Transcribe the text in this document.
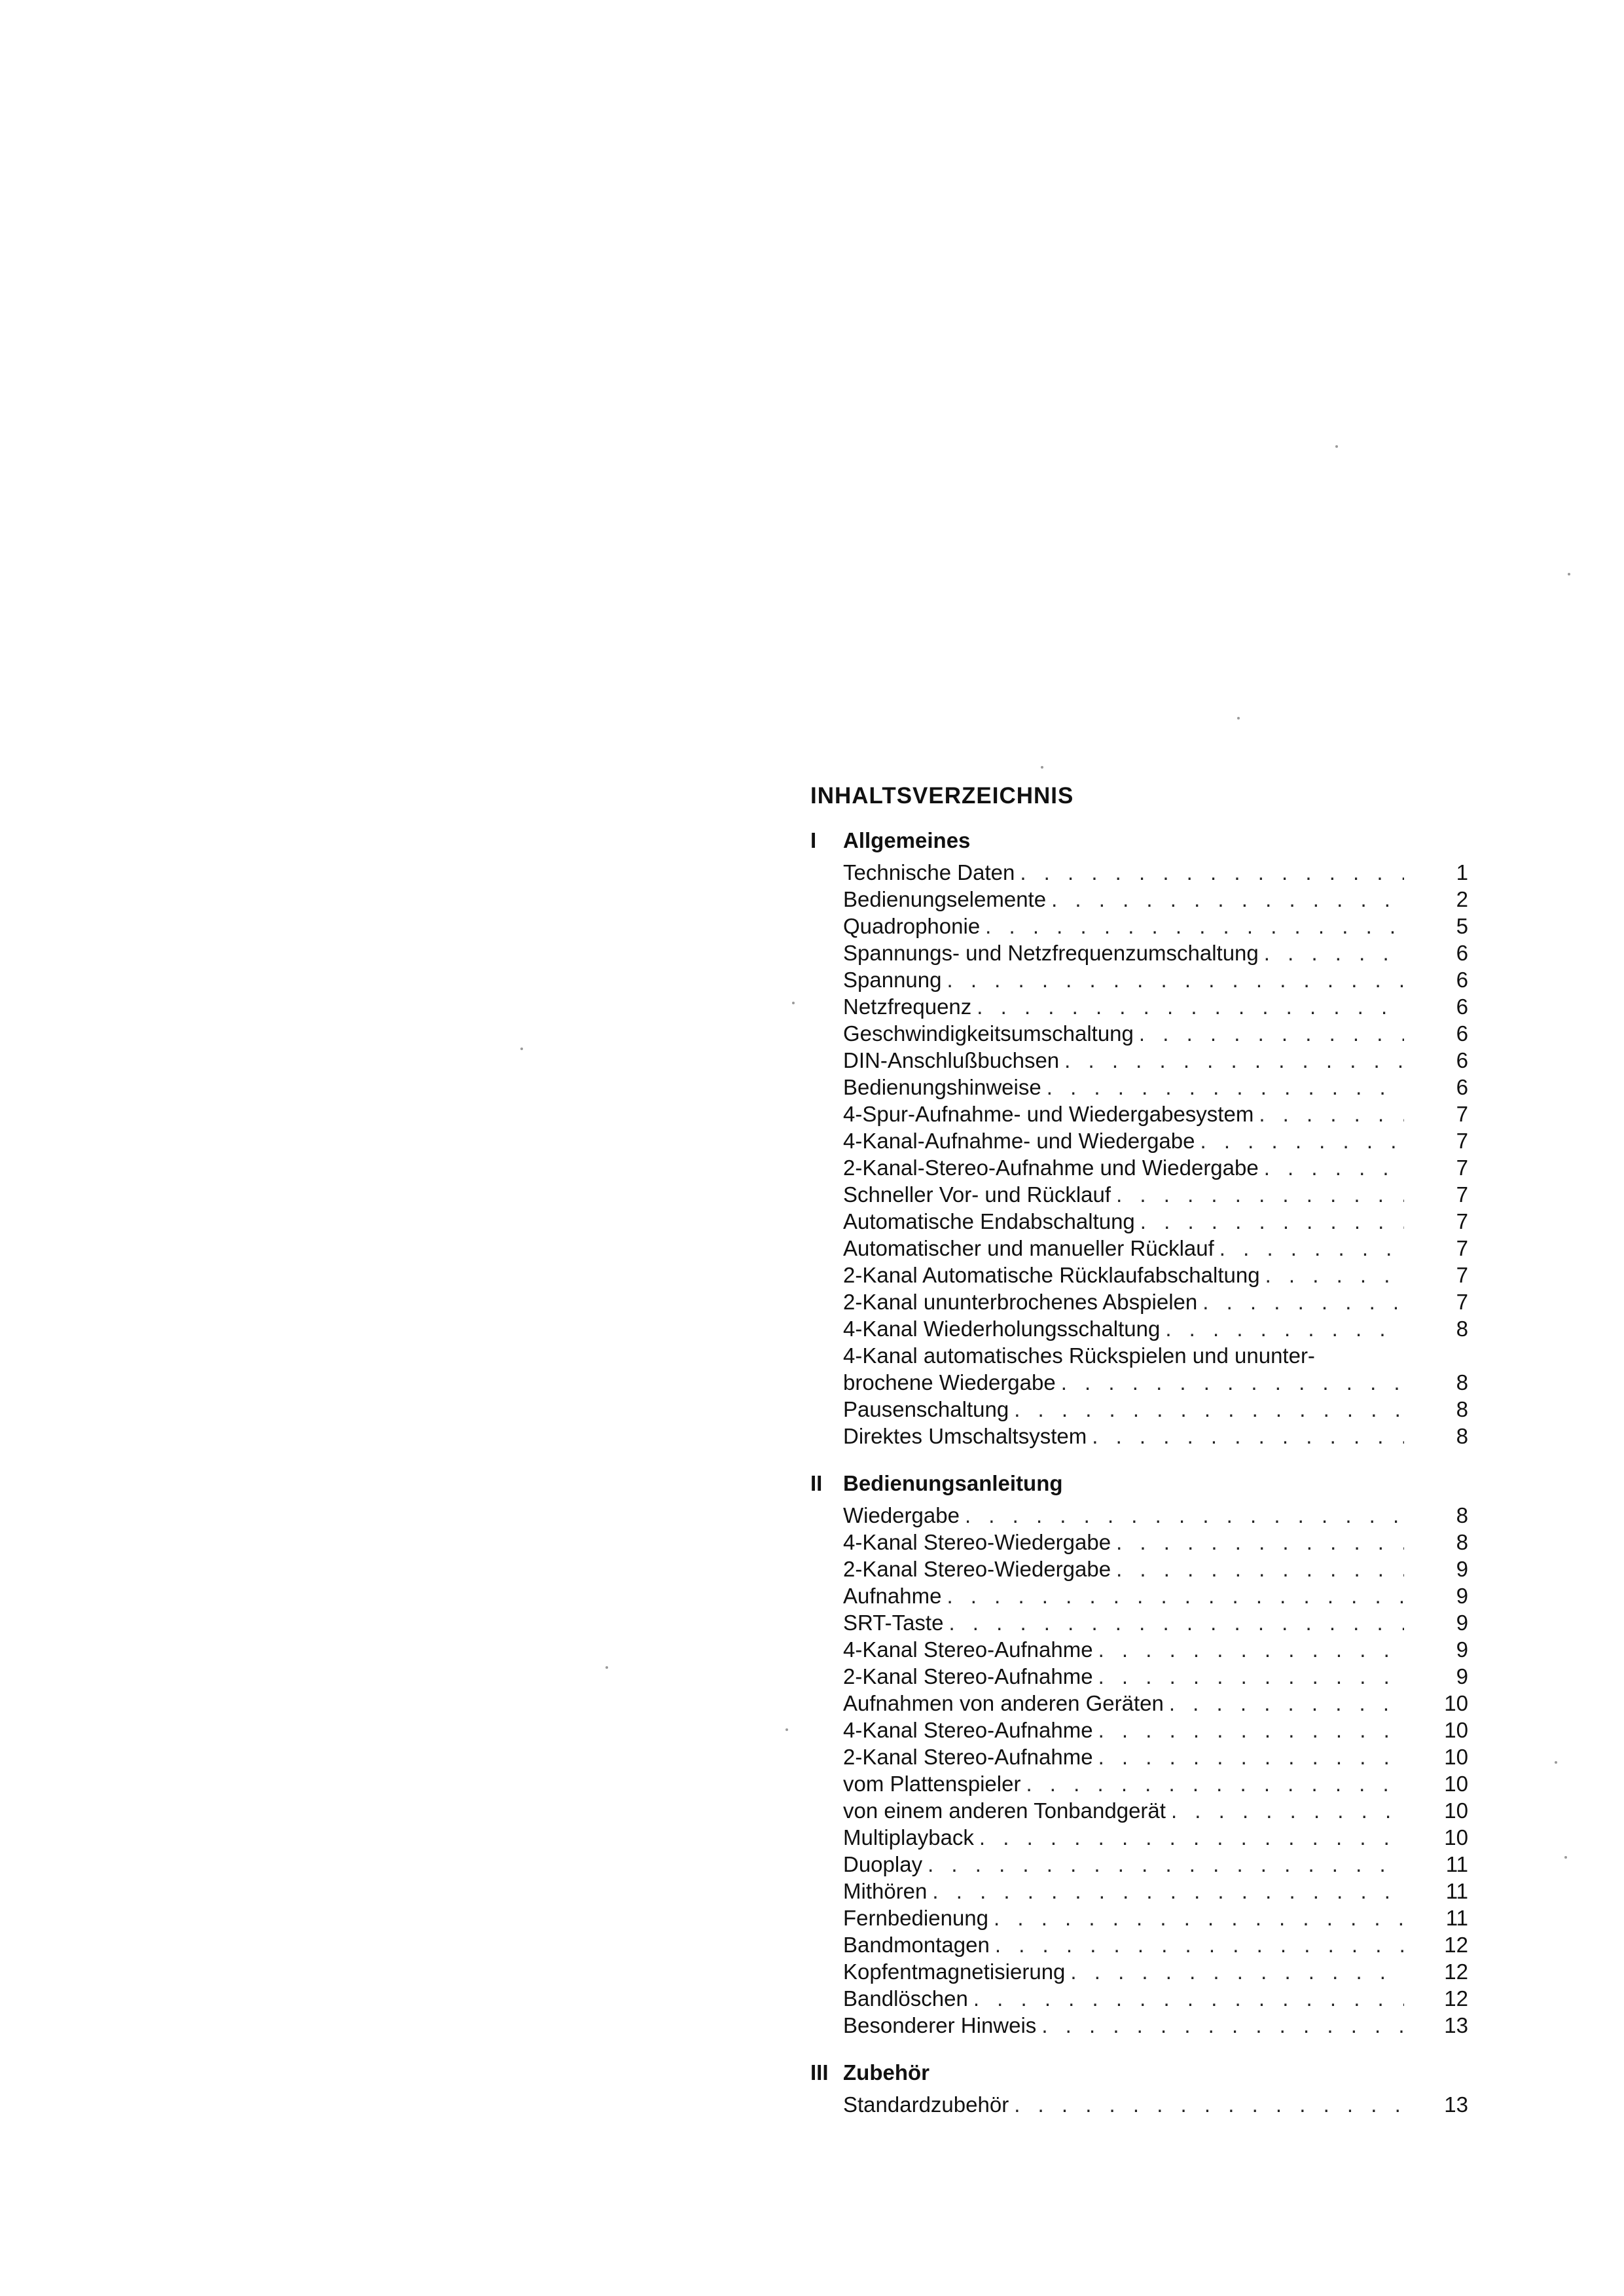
INHALTSVERZEICHNIS
I	Allgemeines
Technische Daten . . .	1
Bedienungselemente . . .	2
Quadrophonie . . .	5
Spannungs- und Netzfrequenzumschaltung . . .	6
Spannung . . .	6
Netzfrequenz . . .	6
Geschwindigkeitsumschaltung . . .	6
DIN-Anschlußbuchsen . . .	6
Bedienungshinweise . . .	6
4-Spur-Aufnahme- und Wiedergabesystem . . .	7
4-Kanal-Aufnahme- und Wiedergabe . . .	7
2-Kanal-Stereo-Aufnahme und Wiedergabe . . .	7
Schneller Vor- und Rücklauf . . .	7
Automatische Endabschaltung . . .	7
Automatischer und manueller Rücklauf . . .	7
2-Kanal Automatische Rücklaufabschaltung . . .	7
2-Kanal ununterbrochenes Abspielen . . .	7
4-Kanal Wiederholungsschaltung . . .	8
4-Kanal automatisches Rückspielen und ununter-
brochene Wiedergabe . . .	8
Pausenschaltung . . .	8
Direktes Umschaltsystem . . .	8
II Bedienungsanleitung
Wiedergabe . . .	8
4-Kanal Stereo-Wiedergabe . . .	8
2-Kanal Stereo-Wiedergabe . . .	9
Aufnahme . . .	9
SRT-Taste . . .	9
4-Kanal Stereo-Aufnahme . . .	9
2-Kanal Stereo-Aufnahme . . .	9
Aufnahmen von anderen Geräten . . .	10
4-Kanal Stereo-Aufnahme . . .	10
2-Kanal Stereo-Aufnahme . . .	10
vom Plattenspieler . . .	10
von einem anderen Tonbandgerät . . .	10
Multiplayback . . .	10
Duoplay . . .	11
Mithören . . .	11
Fernbedienung . . .	11
Bandmontagen . . .	12
Kopfentmagnetisierung . . .	12
Bandlöschen . . .	12
Besonderer Hinweis . . .	13
III Zubehör
Standardzubehör . . .	13
